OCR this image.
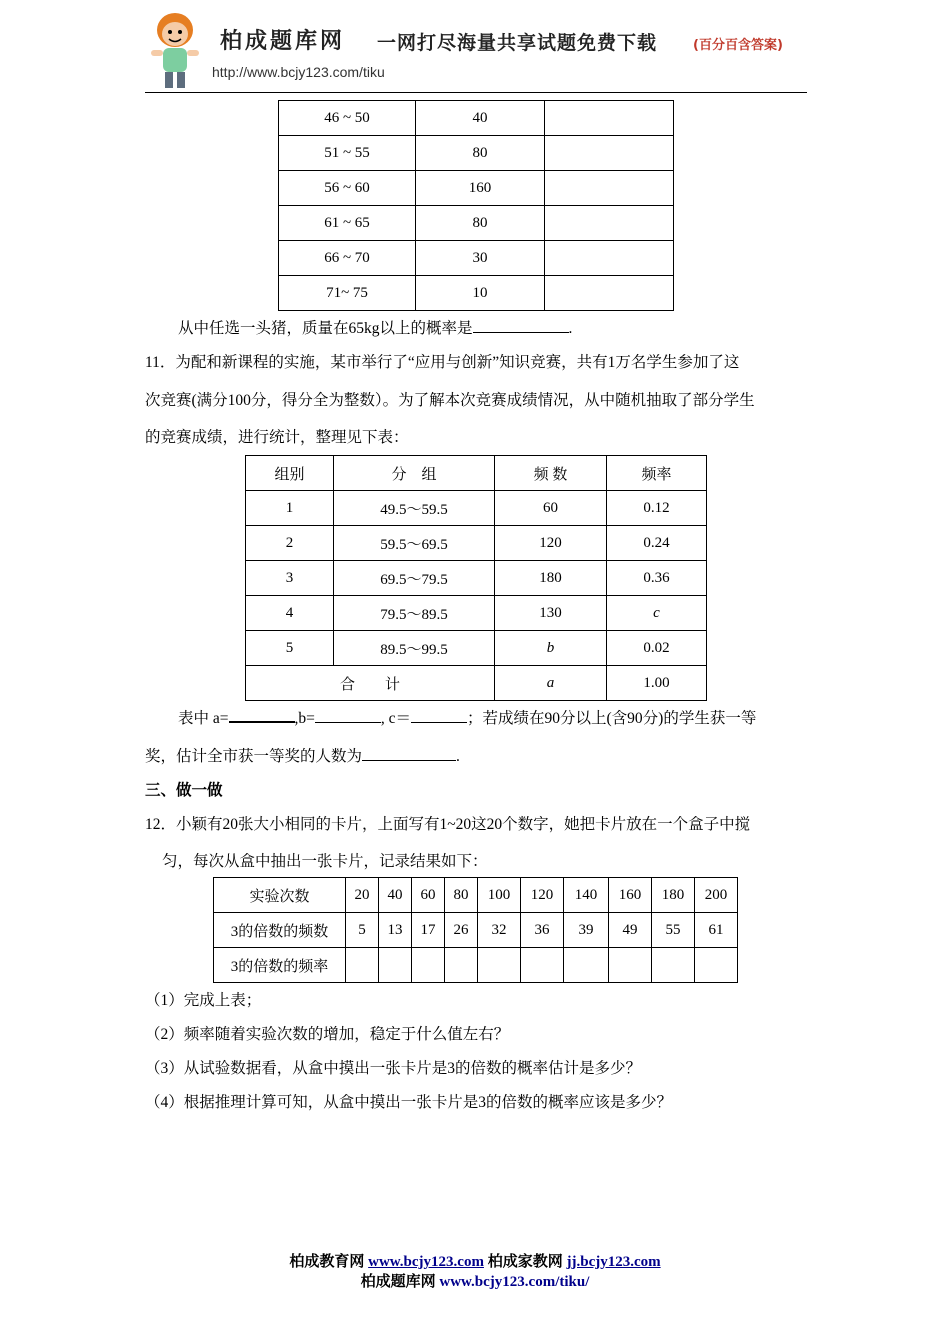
柏成题库网 一网打尽海量共享试题免费下载	(百分百含答案)
http://www.bcjy123.com/tiku
46 ~ 50	40	
51 ~ 55	80	
56 ~ 60	160	
61 ~ 65	80	
66 ~ 70	30	
71~ 75	10	
从中任选一头猪，质量在65kg以上的概率是	.
11．为配和新课程的实施，某市举行了“应用与创新”知识竞赛，共有1万名学生参加了这
次竞赛(满分100分，得分全为整数）。为了解本次竞赛成绩情况，从中随机抽取了部分学生
的竞赛成绩，进行统计，整理见下表：
组别	分　组	频 数	频率
1	49.5～59.5	60	0.12
2	59.5～69.5	120	0.24
3	69.5～79.5	180	0.36
4	79.5～89.5	130	c
5	89.5～99.5	b	0.02
合　　计		a	1.00
表中 a=	,b=	, c＝	；若成绩在90分以上(含90分)的学生获一等
奖，估计全市获一等奖的人数为	.
三、做一做
12．小颖有20张大小相同的卡片，上面写有1~20这20个数字，她把卡片放在一个盒子中搅
匀，每次从盒中抽出一张卡片，记录结果如下：
实验次数	20	40	60	80	100	120	140	160	180	200
3的倍数的频数	5	13	17	26	32	36	39	49	55	61
3的倍数的频率										
（1）完成上表；
（2）频率随着实验次数的增加，稳定于什么值左右？
（3）从试验数据看，从盒中摸出一张卡片是3的倍数的概率估计是多少？
（4）根据推理计算可知，从盒中摸出一张卡片是3的倍数的概率应该是多少？
柏成教育网 www.bcjy123.com 柏成家教网 jj.bcjy123.com
柏成题库网 www.bcjy123.com/tiku/
